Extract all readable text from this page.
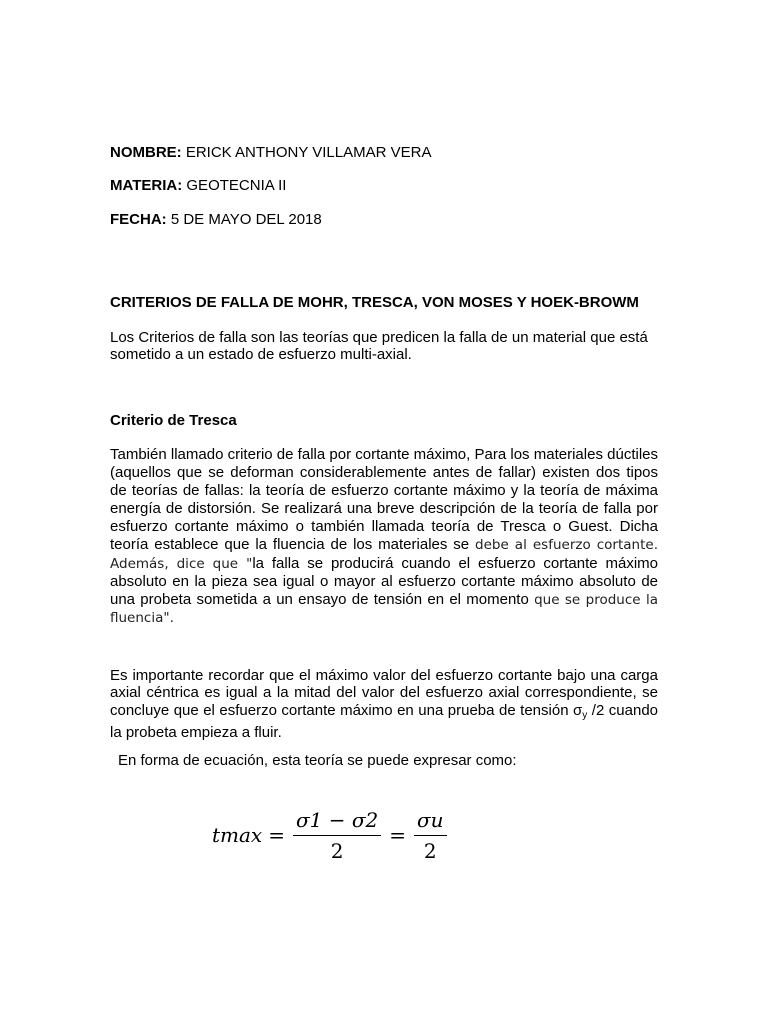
NOMBRE: ERICK ANTHONY VILLAMAR VERA
MATERIA: GEOTECNIA II
FECHA: 5 DE MAYO DEL 2018
CRITERIOS DE FALLA DE MOHR, TRESCA, VON MOSES Y HOEK-BROWM
Los Criterios de falla son las teorías que predicen la falla de un material que está sometido a un estado de esfuerzo multi-axial.
Criterio de Tresca
También llamado criterio de falla por cortante máximo, Para los materiales dúctiles (aquellos que se deforman considerablemente antes de fallar) existen dos tipos de teorías de fallas: la teoría de esfuerzo cortante máximo y la teoría de máxima energía de distorsión. Se realizará una breve descripción de la teoría de falla por esfuerzo cortante máximo o también llamada teoría de Tresca o Guest. Dicha teoría establece que la fluencia de los materiales se debe al esfuerzo cortante. Además, dice que "la falla se producirá cuando el esfuerzo cortante máximo absoluto en la pieza sea igual o mayor al esfuerzo cortante máximo absoluto de una probeta sometida a un ensayo de tensión en el momento que se produce la fluencia".
Es importante recordar que el máximo valor del esfuerzo cortante bajo una carga axial céntrica es igual a la mitad del valor del esfuerzo axial correspondiente, se concluye que el esfuerzo cortante máximo en una prueba de tensión $\sigma_y$ /2 cuando la probeta empieza a fluir.
En forma de ecuación, esta teoría se puede expresar como:
$tmax = \frac{\sigma 1 - \sigma 2}{2} = \frac{\sigma u}{2}$
